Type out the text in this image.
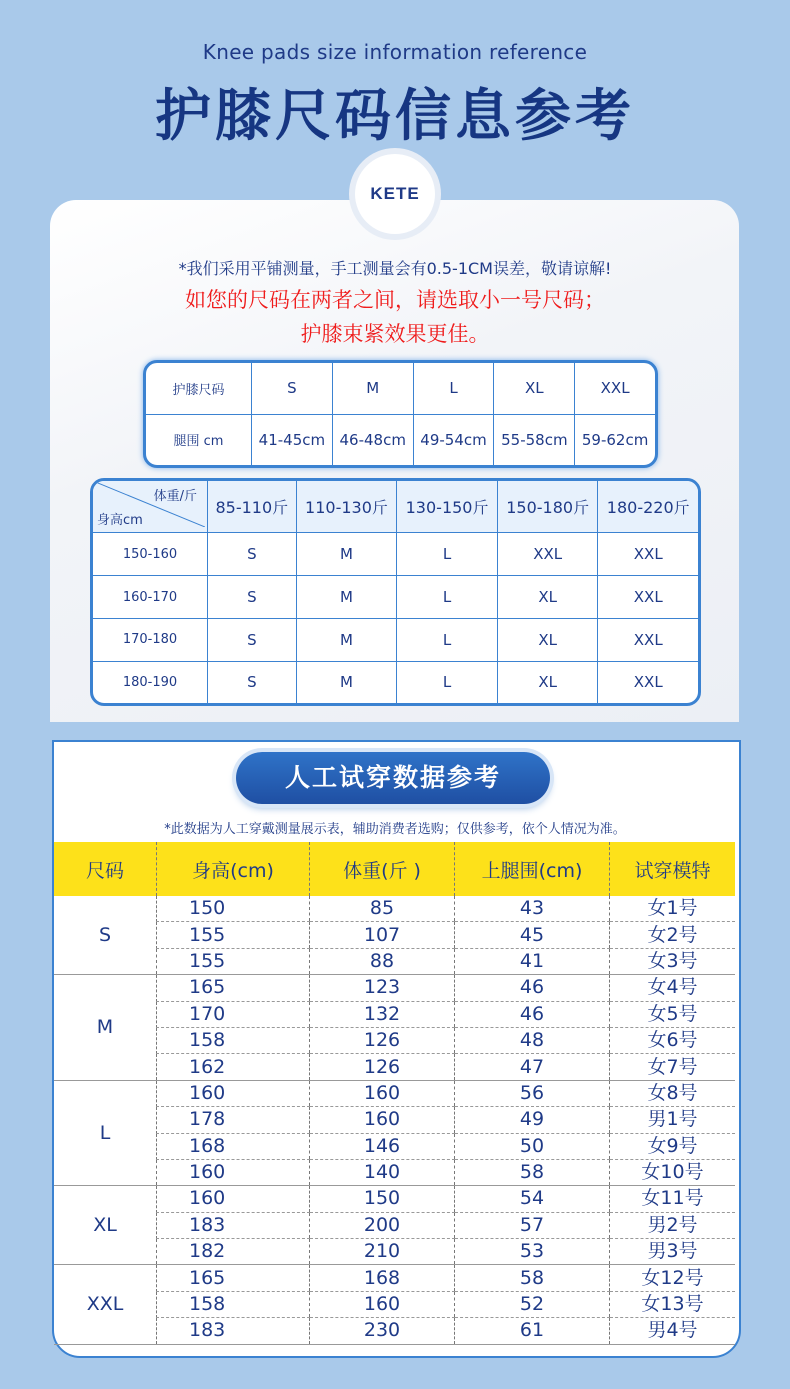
Knee pads size information reference
护膝尺码信息参考
KETE
*我们采用平铺测量，手工测量会有0.5-1CM误差，敬请谅解!
如您的尺码在两者之间，请选取小一号尺码；
护膝束紧效果更佳。
护膝尺码	S	M	L	XL	XXL
腿围 cm	41-45cm	46-48cm	49-54cm	55-58cm	59-62cm
体重/斤
身高cm	85-110斤	110-130斤	130-150斤	150-180斤	180-220斤
150-160	S	M	L	XXL	XXL
160-170	S	M	L	XL	XXL
170-180	S	M	L	XL	XXL
180-190	S	M	L	XL	XXL
人工试穿数据参考
*此数据为人工穿戴测量展示表，辅助消费者选购；仅供参考，依个人情况为准。
尺码	身高(cm)	体重(斤 )	上腿围(cm)	试穿模特
S	150	85	43	女1号
	155	107	45	女2号
	155	88	41	女3号
M	165	123	46	女4号
	170	132	46	女5号
	158	126	48	女6号
	162	126	47	女7号
L	160	160	56	女8号
	178	160	49	男1号
	168	146	50	女9号
	160	140	58	女10号
XL	160	150	54	女11号
	183	200	57	男2号
	182	210	53	男3号
XXL	165	168	58	女12号
	158	160	52	女13号
	183	230	61	男4号
